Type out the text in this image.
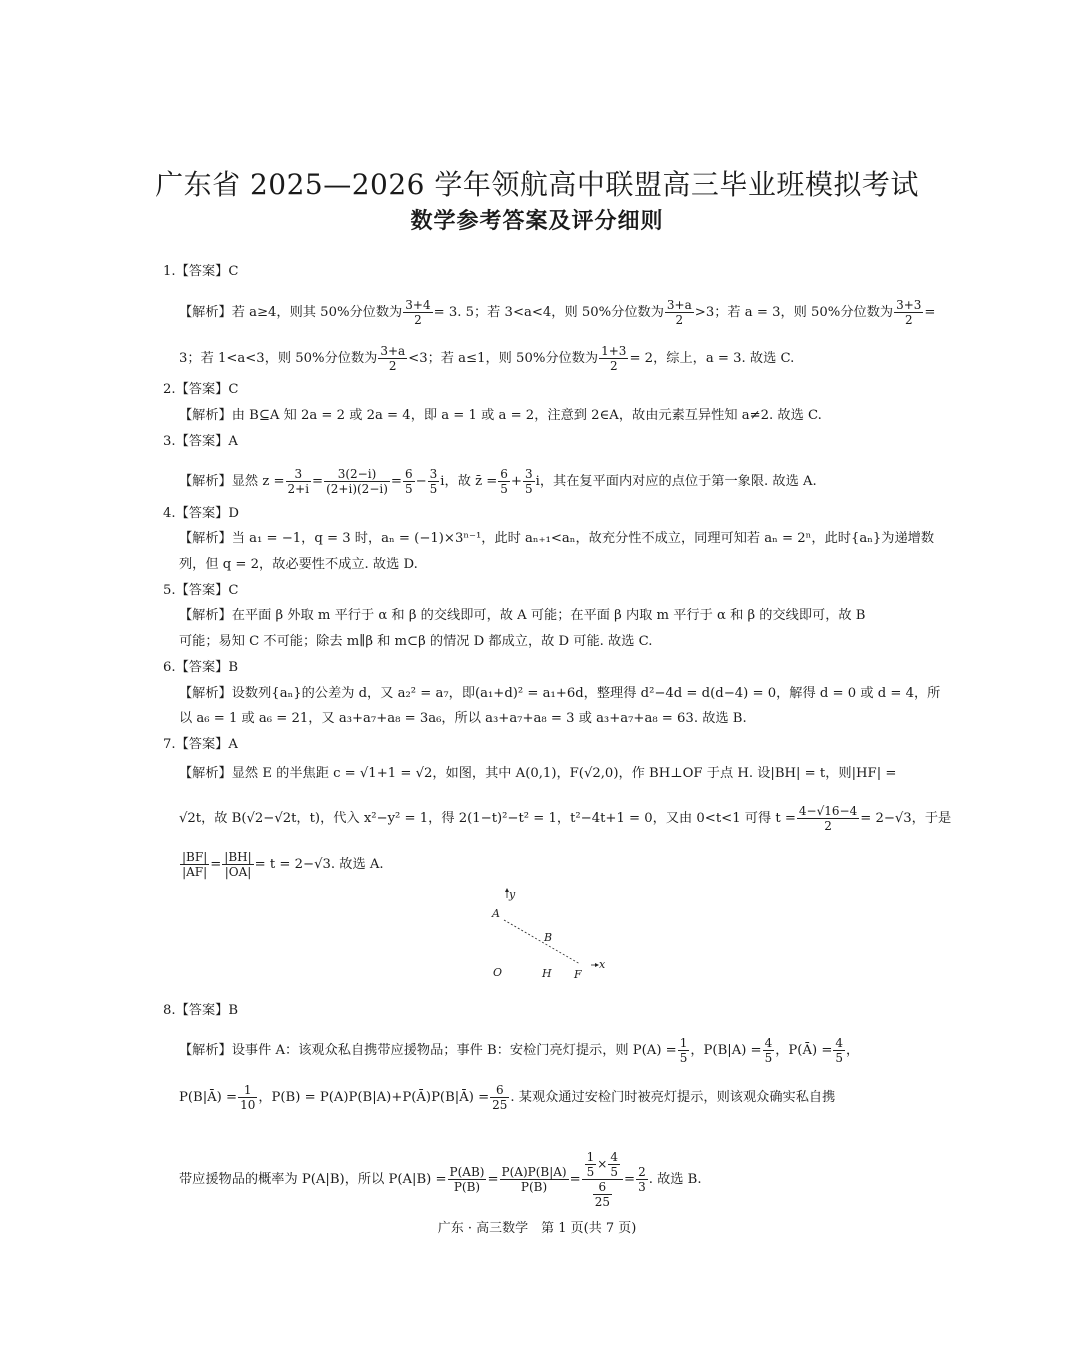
广东省 2025—2026 学年领航高中联盟高三毕业班模拟考试
数学参考答案及评分细则
1.【答案】C
【解析】若 a≥4，则其 50%分位数为 $\frac{3+4}{2} = 3$. 5；若 3<a<4，则 50%分位数为 $\frac{3+a}{2} >3$；若 a = 3，则 50%分位数为 $\frac{3+3}{2}$ =
3；若 1<a<3，则 50%分位数为 $\frac{3+a}{2} <3$；若 a≤1，则 50%分位数为 $\frac{1+3}{2} = 2$，综上，a = 3. 故选 C.
2.【答案】C
【解析】由 B⊆A 知 2a = 2 或 2a = 4，即 a = 1 或 a = 2，注意到 2∈A，故由元素互异性知 a≠2. 故选 C.
3.【答案】A
【解析】显然 $z = \frac{3}{2+i} = \frac{3(2-i)}{(2+i)(2-i)} = \frac{6}{5} - \frac{3}{5}$ i，故 z̄ = $\frac{6}{5} + \frac{3}{5}$ i，其在复平面内对应的点位于第一象限. 故选 A.
4.【答案】D
【解析】当 a₁ = −1，q = 3 时，aₙ = (−1)×3ⁿ⁻¹，此时 aₙ₊₁<aₙ，故充分性不成立，同理可知若 aₙ = 2ⁿ，此时{aₙ}为递增数
列，但 q = 2，故必要性不成立. 故选 D.
5.【答案】C
【解析】在平面 β 外取 m 平行于 α 和 β 的交线即可，故 A 可能；在平面 β 内取 m 平行于 α 和 β 的交线即可，故 B
可能；易知 C 不可能；除去 m∥β 和 m⊂β 的情况 D 都成立，故 D 可能. 故选 C.
6.【答案】B
【解析】设数列{aₙ}的公差为 d，又 a₂² = a₇，即(a₁+d)² = a₁+6d，整理得 d²−4d = d(d−4) = 0，解得 d = 0 或 d = 4，所
以 a₆ = 1 或 a₆ = 21，又 a₃+a₇+a₈ = 3a₆，所以 a₃+a₇+a₈ = 3 或 a₃+a₇+a₈ = 63. 故选 B.
7.【答案】A
【解析】显然 E 的半焦距 c = √1+1 = √2，如图，其中 A(0,1)，F(√2,0)，作 BH⊥OF 于点 H. 设|BH| = t，则|HF| =
√2t，故 B(√2−√2t，t)，代入 x²−y² = 1，得 2(1−t)²−t² = 1，t²−4t+1 = 0，又由 0<t<1 可得 $t = \frac{4-√16-4}{2} = 2-√3$，于是
$\frac{|BF|}{|AF|} = \frac{|BH|}{|OA|} = t = 2-√3$. 故选 A.
y
A
B
x
O	H F
8.【答案】B
【解析】设事件 A：该观众私自携带应援物品；事件 B：安检门亮灯提示，则 $P(A) = \frac{1}{5}$ ，$P(B|A) = \frac{4}{5}$ ，P(Ā) = $\frac{4}{5}$ ，
P(B|Ā) = $\frac{1}{10}$ ，P(B) = P(A)P(B|A)+P(Ā)P(B|Ā) = $\frac{6}{25}$ . 某观众通过安检门时被亮灯提示，则该观众确实私自携
带应援物品的概率为 P(A|B)，所以 $P(A|B) = \frac{P(AB)}{P(B)} = \frac{P(A)P(B|A)}{P(B)} = \frac{\frac{1}{5} \times \frac{4}{5}}{\frac{6}{25}} = \frac{2}{3}$ . 故选 B.
广东 · 高三数学　第 1 页(共 7 页)
